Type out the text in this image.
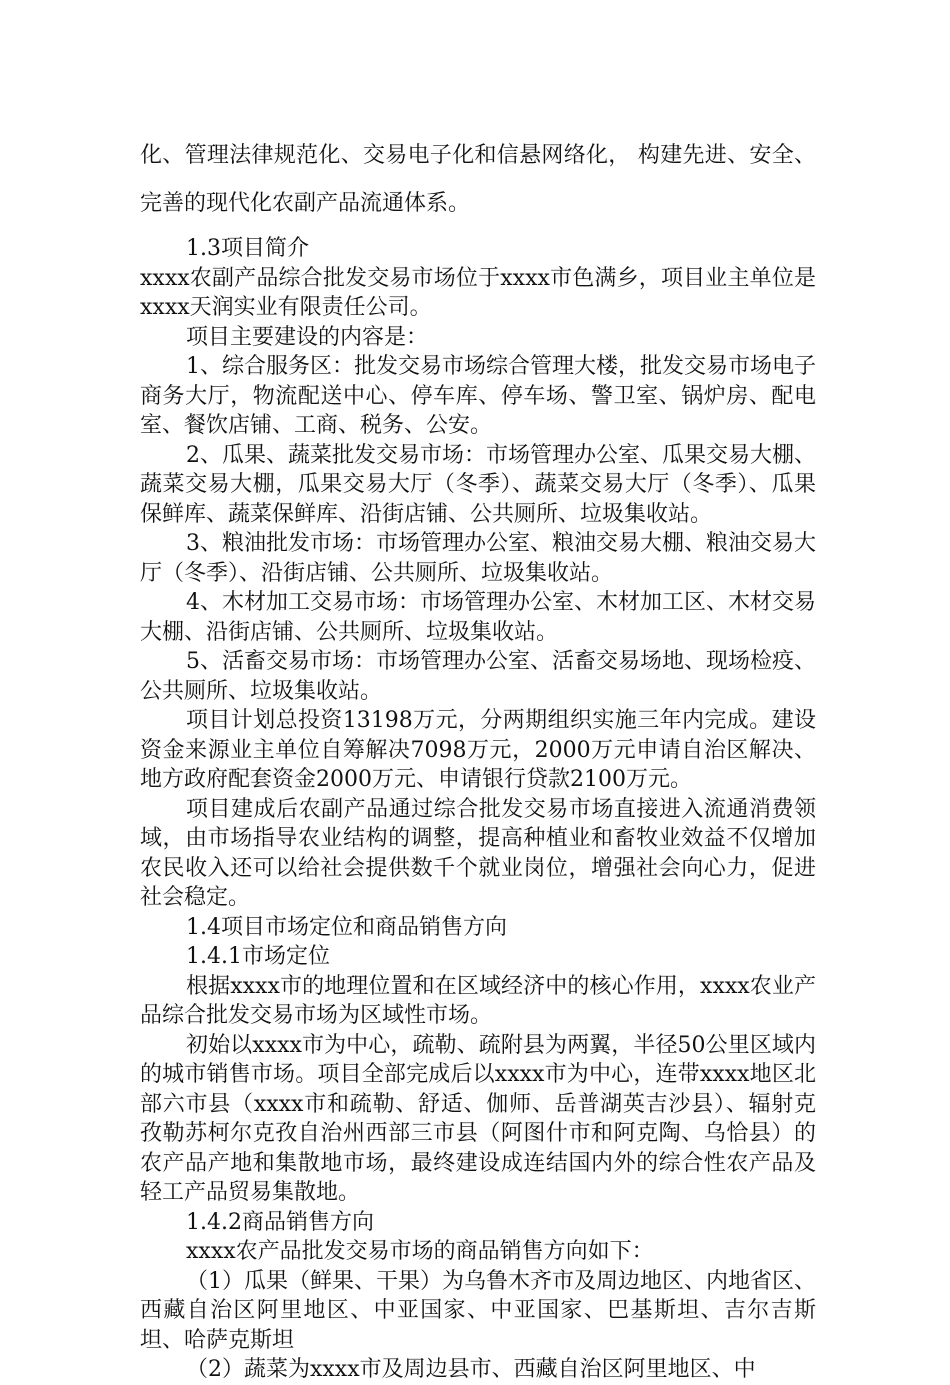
化、管理法律规范化、交易电子化和信悬网络化， 构建先进、安全、完善的现代化农副产品流通体系。

1.3项目简介

xxxx农副产品综合批发交易市场位于xxxx市色满乡，项目业主单位是xxxx天润实业有限责任公司。

项目主要建设的内容是：

1、综合服务区：批发交易市场综合管理大楼，批发交易市场电子商务大厅，物流配送中心、停车库、停车场、警卫室、锅炉房、配电室、餐饮店铺、工商、税务、公安。

2、瓜果、蔬菜批发交易市场：市场管理办公室、瓜果交易大棚、蔬菜交易大棚，瓜果交易大厅（冬季）、蔬菜交易大厅（冬季）、瓜果保鲜库、蔬菜保鲜库、沿街店铺、公共厕所、垃圾集收站。

3、粮油批发市场：市场管理办公室、粮油交易大棚、粮油交易大厅（冬季）、沿街店铺、公共厕所、垃圾集收站。

4、木材加工交易市场：市场管理办公室、木材加工区、木材交易大棚、沿街店铺、公共厕所、垃圾集收站。

5、活畜交易市场：市场管理办公室、活畜交易场地、现场检疫、公共厕所、垃圾集收站。

项目计划总投资13198万元，分两期组织实施三年内完成。建设资金来源业主单位自筹解决7098万元，2000万元申请自治区解决、地方政府配套资金2000万元、申请银行贷款2100万元。

项目建成后农副产品通过综合批发交易市场直接进入流通消费领域，由市场指导农业结构的调整，提高种植业和畜牧业效益不仅增加农民收入还可以给社会提供数千个就业岗位，增强社会向心力，促进社会稳定。

1.4项目市场定位和商品销售方向

1.4.1市场定位

根据xxxx市的地理位置和在区域经济中的核心作用，xxxx农业产品综合批发交易市场为区域性市场。

初始以xxxx市为中心，疏勒、疏附县为两翼，半径50公里区域内的城市销售市场。项目全部完成后以xxxx市为中心，连带xxxx地区北部六市县（xxxx市和疏勒、舒适、伽师、岳普湖英吉沙县）、辐射克孜勒苏柯尔克孜自治州西部三市县（阿图什市和阿克陶、乌恰县）的农产品产地和集散地市场，最终建设成连结国内外的综合性农产品及轻工产品贸易集散地。

1.4.2商品销售方向

xxxx农产品批发交易市场的商品销售方向如下：

（1）瓜果（鲜果、干果）为乌鲁木齐市及周边地区、内地省区、西藏自治区阿里地区、中亚国家、中亚国家、巴基斯坦、吉尔吉斯坦、哈萨克斯坦

（2）蔬菜为xxxx市及周边县市、西藏自治区阿里地区、中
